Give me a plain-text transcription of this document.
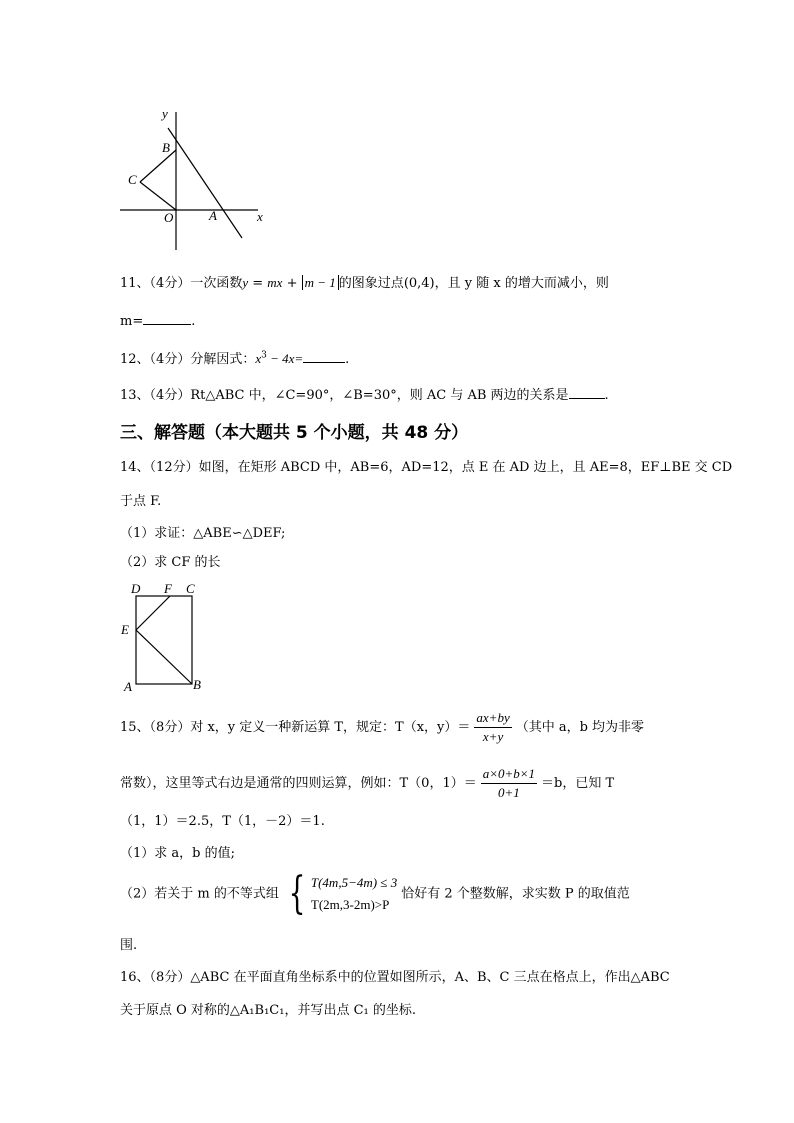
y
B
C
O	A	x
11、（4分）一次函数y = mx + m − 1 的图象过点(0,4)，且 y 随 x 的增大而减小，则
m=	.
12、（4分）分解因式：$x^3 - 4x=$	.
13、（4分）Rt△ABC 中，∠C=90°，∠B=30°，则 AC 与 AB 两边的关系是	.
三、解答题（本大题共 5 个小题，共 48 分）
14、（12分）如图，在矩形 ABCD 中，AB=6，AD=12，点 E 在 AD 边上，且 AE=8，EF⊥BE 交 CD
于点 F.
（1）求证：△ABE∽△DEF;
（2）求 CF 的长
D F C
E
A	B
15、（8分）对 x，y 定义一种新运算 T，规定：T（x，$y)= \frac{ax+by}{x+y}$ （其中 a，b 均为非零
常数），这里等式右边是通常的四则运算，例如：T（0，$1)= \frac{a\times 0+b\times 1}{0+1} =b$，已知 T
（1，1）＝2.5，T（1，－2）＝1.
（1）求 a，b 的值;
（2）若关于 m 的不等式组 { T(4m,5−4m) ≤ 3
T(2m,3-2m)>P
恰好有 2 个整数解，求实数 P 的取值范
围.
16、（8分）△ABC 在平面直角坐标系中的位置如图所示，A、B、C 三点在格点上，作出△ABC
关于原点 O 对称的△A₁B₁C₁，并写出点 C₁ 的坐标.
